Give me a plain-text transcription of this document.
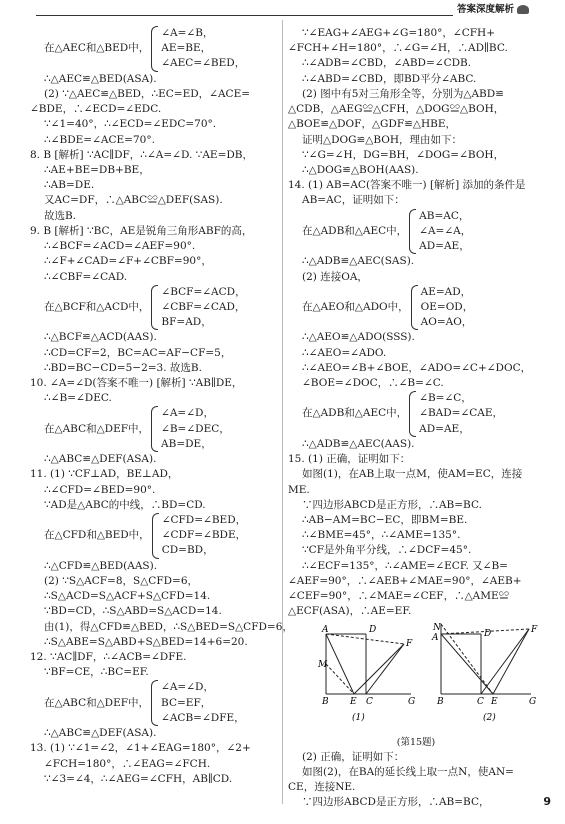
答案深度解析
在△AEC和△BED中，
∠A=∠B，
AE=BE，
∠AEC=∠BED，
∴△AEC≌△BED(ASA).
(2) ∵△AEC≌△BED，∴EC=ED，∠ACE=
∠BDE，∴∠ECD=∠EDC.
∵∠1=40°，∴∠ECD=∠EDC=70°.
∴∠BDE=∠ACE=70°.
8. B [解析] ∵AC∥DF，∴∠A=∠D. ∵AE=DB，
∴AE+BE=DB+BE，
∴AB=DE.
又AC=DF，∴△ABC≌△DEF(SAS).
故选B.
9. B [解析] ∵BC，AE是锐角三角形ABF的高，
∴∠BCF=∠ACD=∠AEF=90°.
∴∠F+∠CAD=∠F+∠CBF=90°，
∴∠CBF=∠CAD.
在△BCF和△ACD中，
∠BCF=∠ACD，
∠CBF=∠CAD，
BF=AD，
∴△BCF≌△ACD(AAS).
∴CD=CF=2，BC=AC=AF−CF=5，
∴BD=BC−CD=5−2=3. 故选B.
10. ∠A=∠D(答案不唯一) [解析] ∵AB∥DE，
∴∠B=∠DEC.
在△ABC和△DEF中，
∠A=∠D，
∠B=∠DEC，
AB=DE，
∴△ABC≌△DEF(ASA).
11. (1) ∵CF⊥AD，BE⊥AD，
∴∠CFD=∠BED=90°.
∵AD是△ABC的中线，∴BD=CD.
在△CFD和△BED中，
∠CFD=∠BED，
∠CDF=∠BDE，
CD=BD，
∴△CFD≌△BED(AAS).
(2) ∵S△ACF=8，S△CFD=6，
∴S△ACD=S△ACF+S△CFD=14.
∵BD=CD，∴S△ABD=S△ACD=14.
由(1)，得△CFD≌△BED，∴S△BED=S△CFD=6，
∴S△ABE=S△ABD+S△BED=14+6=20.
12. ∵AC∥DF，∴∠ACB=∠DFE.
∵BF=CE，∴BC=EF.
在△ABC和△DEF中，
∠A=∠D，
BC=EF，
∠ACB=∠DFE，
∴△ABC≌△DEF(ASA).
13. (1) ∵∠1=∠2，∠1+∠EAG=180°，∠2+
∠FCH=180°，∴∠EAG=∠FCH.
∵∠3=∠4，∴∠AEG=∠CFH，AB∥CD.
∵∠EAG+∠AEG+∠G=180°，∠CFH+
∠FCH+∠H=180°，∴∠G=∠H，∴AD∥BC.
∴∠ADB=∠CBD，∠ABD=∠CDB.
∴∠ABD=∠CBD，即BD平分∠ABC.
(2) 图中有5对三角形全等，分别为△ABD≌
△CDB，△AEG≌△CFH，△DOG≌△BOH，
△BOE≌△DOF，△GDF≌△HBE，
证明△DOG≌△BOH，理由如下：
∵∠G=∠H，DG=BH，∠DOG=∠BOH，
∴△DOG≌△BOH(AAS).
14. (1) AB=AC(答案不唯一) [解析] 添加的条件是
AB=AC，证明如下：
在△ADB和△AEC中，
AB=AC，
∠A=∠A，
AD=AE，
∴△ADB≌△AEC(SAS).
(2) 连接OA，
在△AEO和△ADO中，
AE=AD，
OE=OD，
AO=AO，
∴△AEO≌△ADO(SSS).
∴∠AEO=∠ADO.
∴∠AEO=∠B+∠BOE，∠ADO=∠C+∠DOC，
∠BOE=∠DOC，∴∠B=∠C.
在△ADB和△AEC中，
∠B=∠C，
∠BAD=∠CAE，
AD=AE，
∴△ADB≌△AEC(AAS).
15. (1) 正确，证明如下：
如图(1)，在AB上取一点M，使AM=EC，连接
ME.
∵四边形ABCD是正方形，∴AB=BC.
∴AB−AM=BC−EC，即BM=BE.
∴∠BME=45°，∴∠AME=135°.
∵CF是外角平分线，∴∠DCF=45°.
∴∠ECF=135°，∴∠AME=∠ECF. 又∠B=
∠AEF=90°，∴∠AEB+∠MAE=90°，∠AEB+
∠CEF=90°，∴∠MAE=∠CEF，∴△AME≌
△ECF(ASA)，∴AE=EF.
A	D
M
F
B E C	G
(1)
N
A	D	F
B	C E	G
(2)
(第15题)
(2) 正确，证明如下：
如图(2)，在BA的延长线上取一点N，使AN=
CE，连接NE.
∵四边形ABCD是正方形，∴AB=BC，	9
